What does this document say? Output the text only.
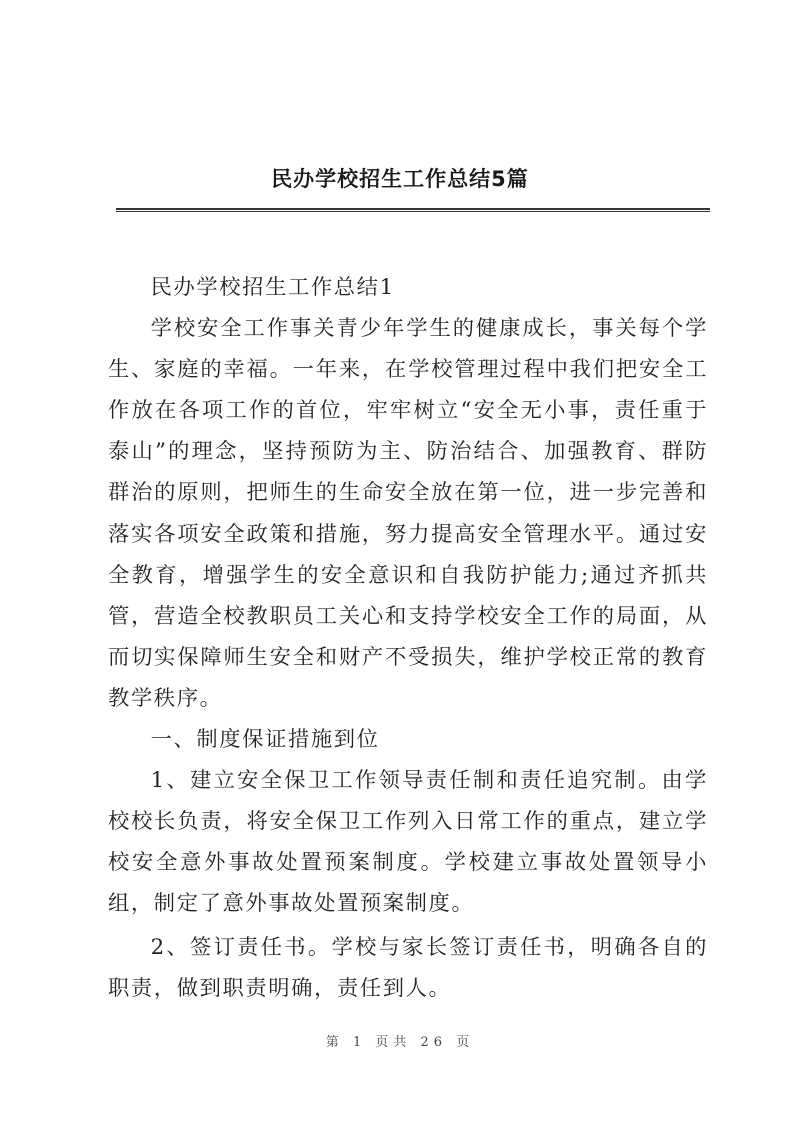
民办学校招生工作总结5篇

民办学校招生工作总结1

学校安全工作事关青少年学生的健康成长，事关每个学生、家庭的幸福。一年来，在学校管理过程中我们把安全工作放在各项工作的首位，牢牢树立“安全无小事，责任重于泰山”的理念，坚持预防为主、防治结合、加强教育、群防群治的原则，把师生的生命安全放在第一位，进一步完善和落实各项安全政策和措施，努力提高安全管理水平。通过安全教育，增强学生的安全意识和自我防护能力;通过齐抓共管，营造全校教职员工关心和支持学校安全工作的局面，从而切实保障师生安全和财产不受损失，维护学校正常的教育教学秩序。

一、制度保证措施到位

1、建立安全保卫工作领导责任制和责任追究制。由学校校长负责，将安全保卫工作列入日常工作的重点，建立学校安全意外事故处置预案制度。学校建立事故处置领导小组，制定了意外事故处置预案制度。

2、签订责任书。学校与家长签订责任书，明确各自的职责，做到职责明确，责任到人。

第 1 页共 26 页
